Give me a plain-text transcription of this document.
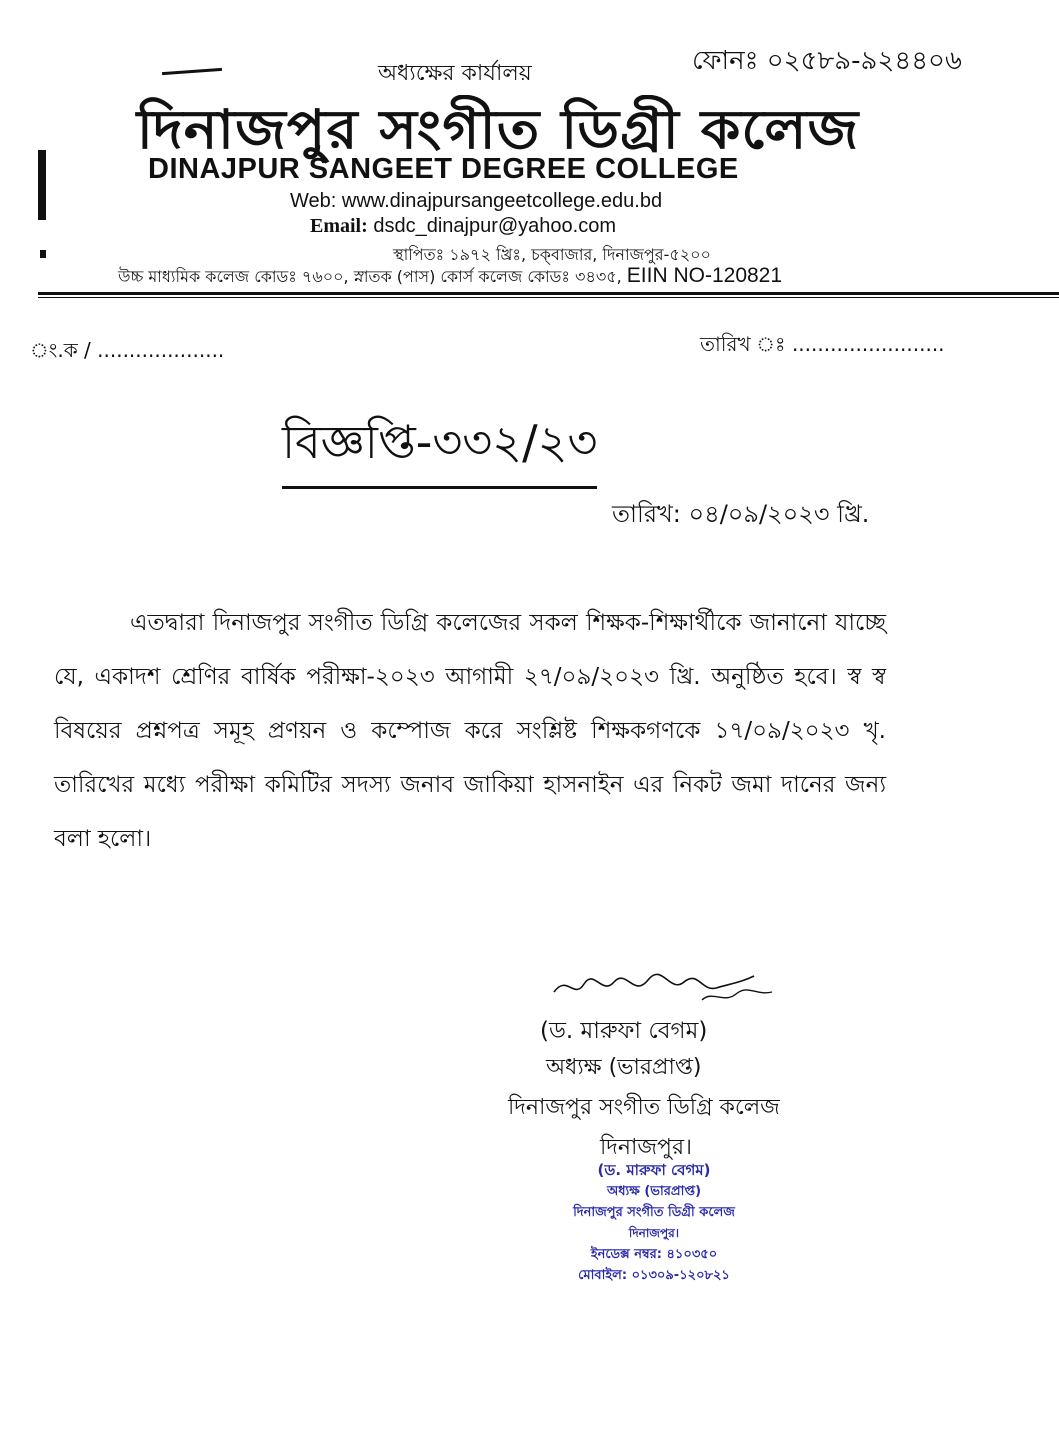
অধ্যক্ষের কার্যালয়	ফোনঃ ০২৫৮৯-৯২৪৪০৬
দিনাজপুর সংগীত ডিগ্রী কলেজ
DINAJPUR SANGEET DEGREE COLLEGE
Web: www.dinajpursangeetcollege.edu.bd
Email: dsdc_dinajpur@yahoo.com
স্থাপিতঃ ১৯৭২ খ্রিঃ, চক্‌বাজার, দিনাজপুর-৫২০০
উচ্চ মাধ্যমিক কলেজ কোডঃ ৭৬০০, স্নাতক (পাস) কোর্স কলেজ কোডঃ ৩৪৩৫, EIIN NO-120821
ং.ক / ....................	তারিখ ঃ ........................
বিজ্ঞপ্তি-৩৩২/২৩
তারিখ: ০৪/০৯/২০২৩ খ্রি.
এতদ্বারা দিনাজপুর সংগীত ডিগ্রি কলেজের সকল শিক্ষক-শিক্ষার্থীকে জানানো যাচ্ছে যে, একাদশ শ্রেণির বার্ষিক পরীক্ষা-২০২৩ আগামী ২৭/০৯/২০২৩ খ্রি. অনুষ্ঠিত হবে। স্ব স্ব বিষয়ের প্রশ্নপত্র সমূহ প্রণয়ন ও কম্পোজ করে সংশ্লিষ্ট শিক্ষকগণকে ১৭/০৯/২০২৩ খৃ. তারিখের মধ্যে পরীক্ষা কমিটির সদস্য জনাব জাকিয়া হাসনাইন এর নিকট জমা দানের জন্য বলা হলো।
(ড. মারুফা বেগম)
অধ্যক্ষ (ভারপ্রাপ্ত)
দিনাজপুর সংগীত ডিগ্রি কলেজ
দিনাজপুর।
(ড. মারুফা বেগম)
অধ্যক্ষ (ভারপ্রাপ্ত)
দিনাজপুর সংগীত ডিগ্রী কলেজ
দিনাজপুর।
ইনডেক্স নম্বর: ৪১০৩৫০
মোবাইল: ০১৩০৯-১২০৮২১
